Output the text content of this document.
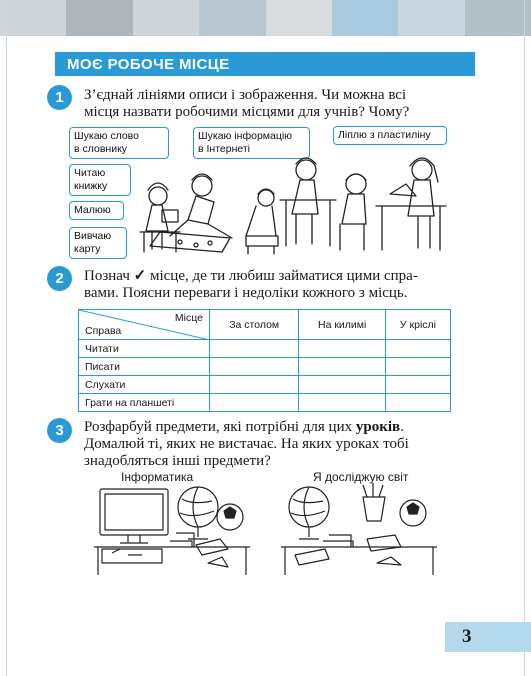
МОЄ РОБОЧЕ МІСЦЕ
1	З’єднай лініями описи і зображення. Чи можна всі
місця назвати робочими місцями для учнів? Чому?
Шукаю слово
в словнику
Шукаю інформацію
в Інтернеті
Ліплю з пластиліну
Читаю
книжку
Малюю
Вивчаю
карту
2	Познач ✓ місце, де ти любиш займатися цими спра-
вами. Поясни переваги і недоліки кожного з місць.
Місце
Справа	За столом	На килимі	У кріслі
Читати			
Писати			
Слухати			
Грати на планшеті			
3	Розфарбуй предмети, які потрібні для цих уроків.
Домалюй ті, яких не вистачає. На яких уроках тобі
знадобляться інші предмети?
Інформатика	Я досліджую світ
3
